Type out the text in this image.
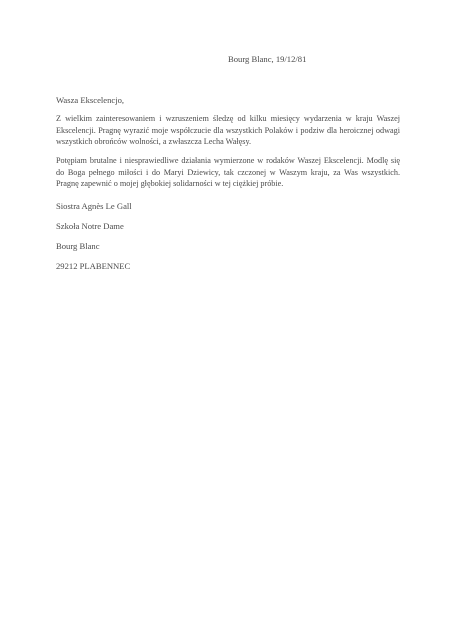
Bourg Blanc, 19/12/81
Wasza Ekscelencjo,

Z wielkim zainteresowaniem i wzruszeniem śledzę od kilku miesięcy wydarzenia w kraju Waszej Ekscelencji. Pragnę wyrazić moje współczucie dla wszystkich Polaków i podziw dla heroicznej odwagi wszystkich obrońców wolności, a zwłaszcza Lecha Wałęsy.

Potępiam brutalne i niesprawiedliwe działania wymierzone w rodaków Waszej Ekscelencji. Modlę się do Boga pełnego miłości i do Maryi Dziewicy, tak czczonej w Waszym kraju, za Was wszystkich. Pragnę zapewnić o mojej głębokiej solidarności w tej ciężkiej próbie.

Siostra Agnès Le Gall
Szkoła Notre Dame
Bourg Blanc
29212 PLABENNEC
